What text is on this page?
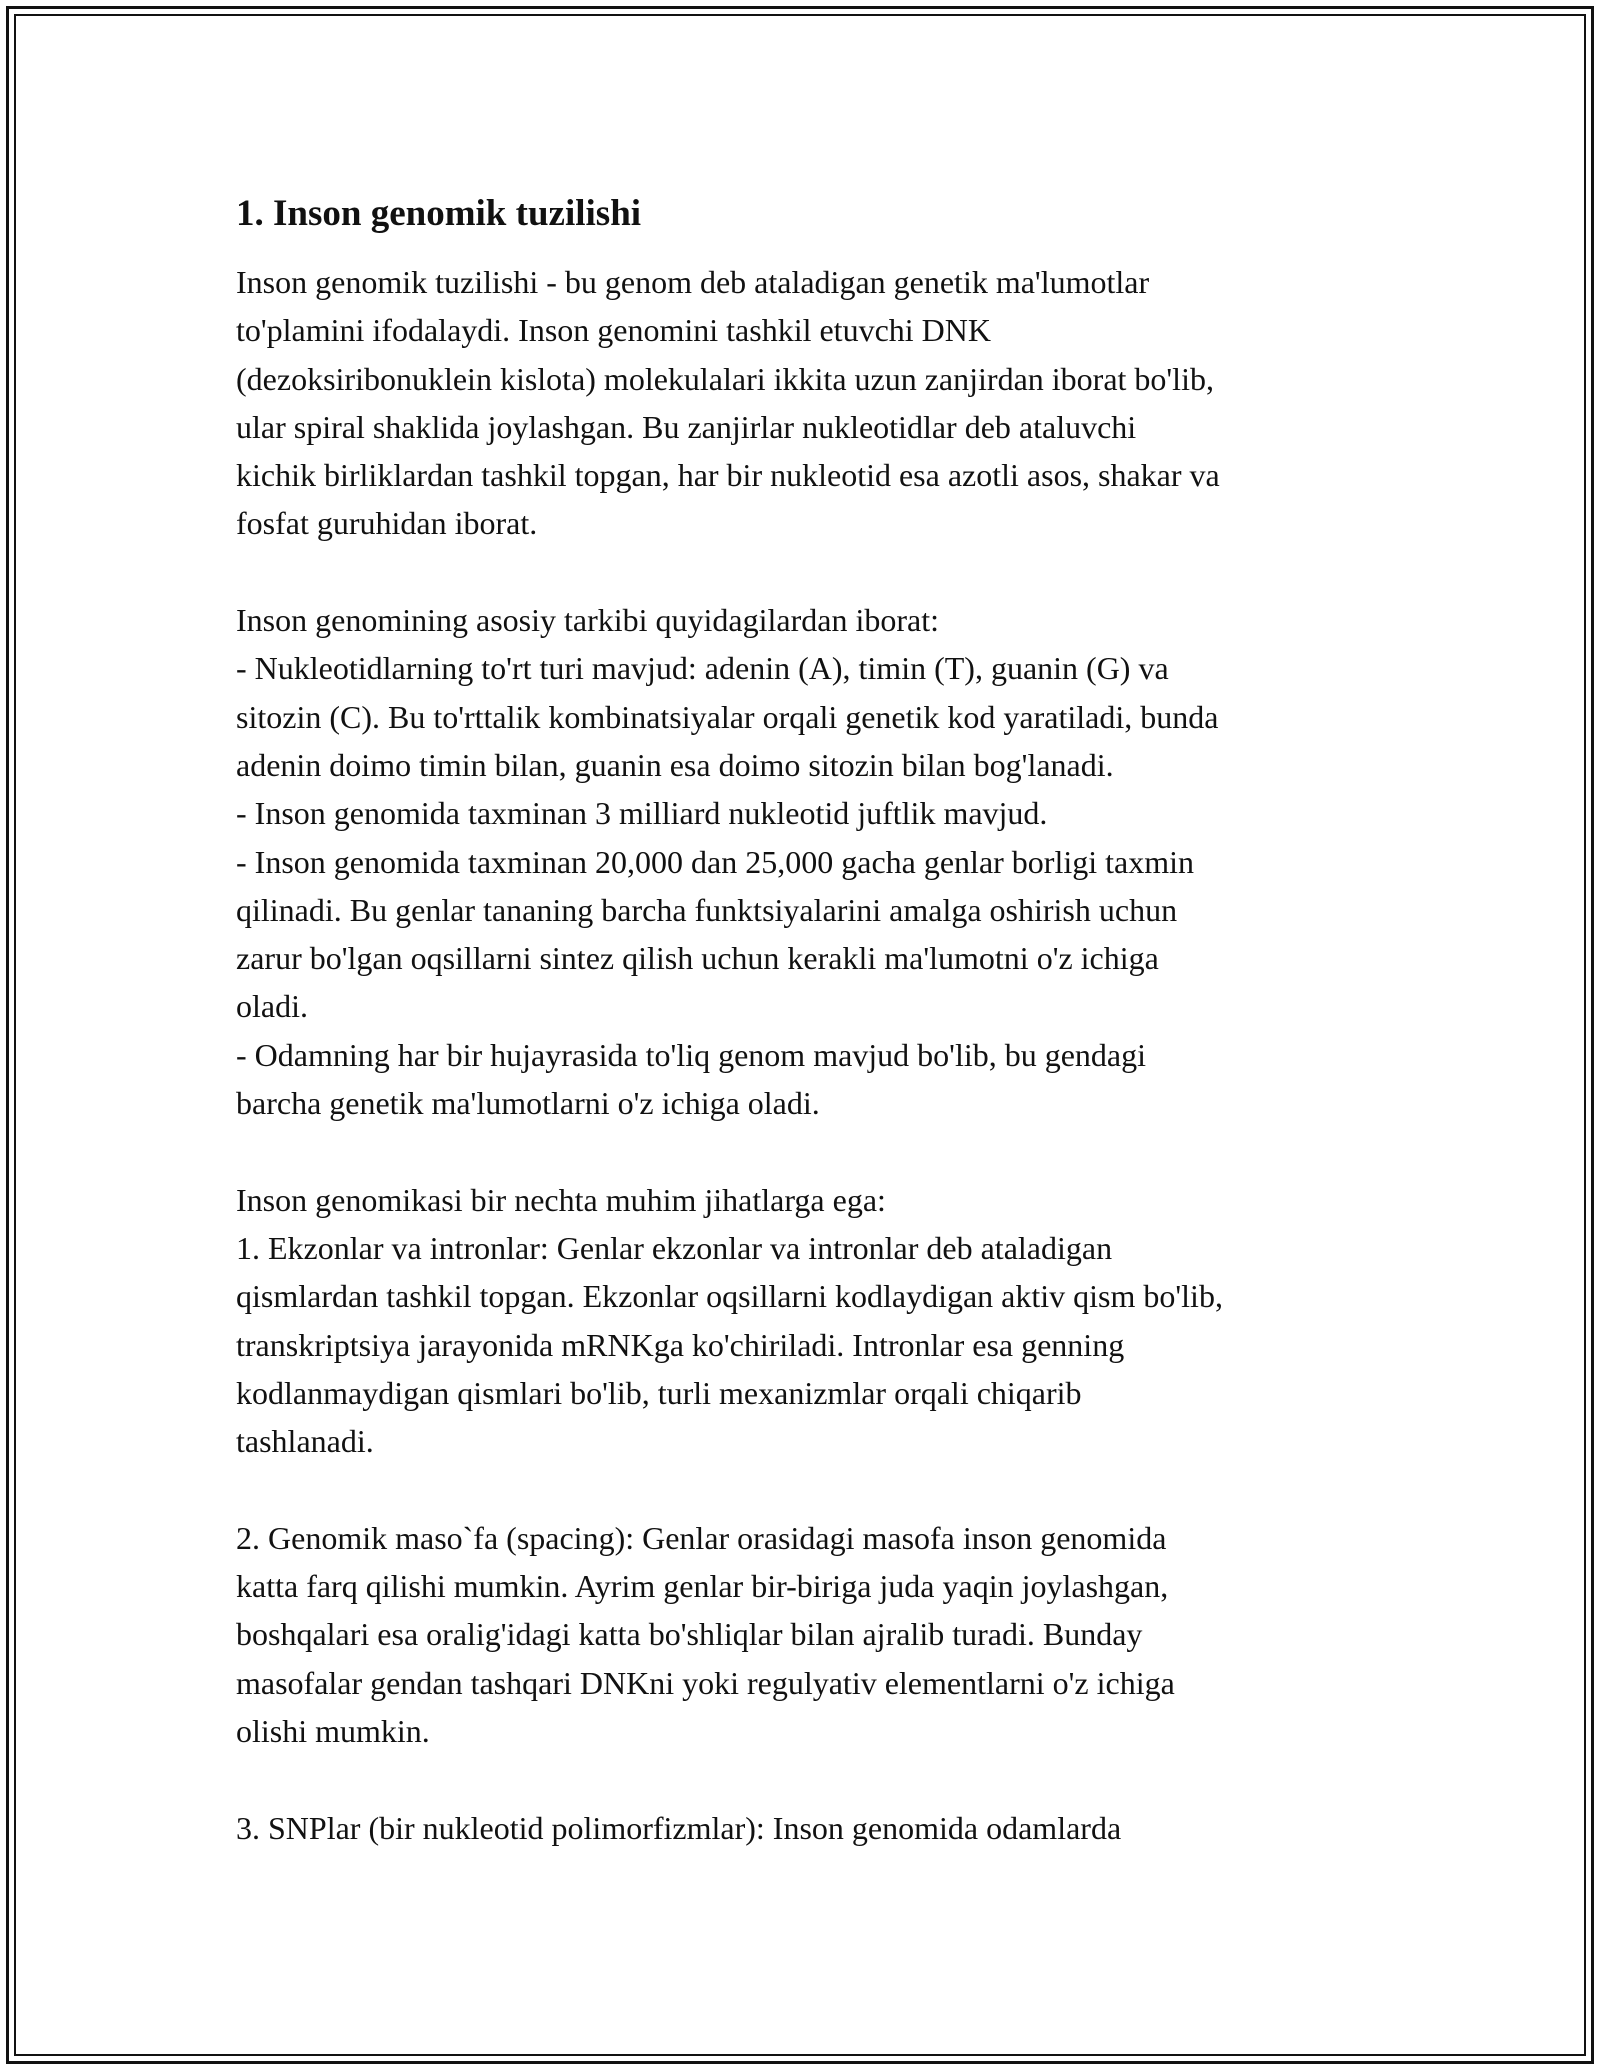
1. Inson genomik tuzilishi
Inson genomik tuzilishi - bu genom deb ataladigan genetik ma'lumotlar
to'plamini ifodalaydi. Inson genomini tashkil etuvchi DNK
(dezoksiribonuklein kislota) molekulalari ikkita uzun zanjirdan iborat bo'lib,
ular spiral shaklida joylashgan. Bu zanjirlar nukleotidlar deb ataluvchi
kichik birliklardan tashkil topgan, har bir nukleotid esa azotli asos, shakar va
fosfat guruhidan iborat.
Inson genomining asosiy tarkibi quyidagilardan iborat:
- Nukleotidlarning to'rt turi mavjud: adenin (A), timin (T), guanin (G) va
sitozin (C). Bu to'rttalik kombinatsiyalar orqali genetik kod yaratiladi, bunda
adenin doimo timin bilan, guanin esa doimo sitozin bilan bog'lanadi.
- Inson genomida taxminan 3 milliard nukleotid juftlik mavjud.
- Inson genomida taxminan 20,000 dan 25,000 gacha genlar borligi taxmin
qilinadi. Bu genlar tananing barcha funktsiyalarini amalga oshirish uchun
zarur bo'lgan oqsillarni sintez qilish uchun kerakli ma'lumotni o'z ichiga
oladi.
- Odamning har bir hujayrasida to'liq genom mavjud bo'lib, bu gendagi
barcha genetik ma'lumotlarni o'z ichiga oladi.
Inson genomikasi bir nechta muhim jihatlarga ega:
1. Ekzonlar va intronlar: Genlar ekzonlar va intronlar deb ataladigan
qismlardan tashkil topgan. Ekzonlar oqsillarni kodlaydigan aktiv qism bo'lib,
transkriptsiya jarayonida mRNKga ko'chiriladi. Intronlar esa genning
kodlanmaydigan qismlari bo'lib, turli mexanizmlar orqali chiqarib
tashlanadi.
2. Genomik maso`fa (spacing): Genlar orasidagi masofa inson genomida
katta farq qilishi mumkin. Ayrim genlar bir-biriga juda yaqin joylashgan,
boshqalari esa oralig'idagi katta bo'shliqlar bilan ajralib turadi. Bunday
masofalar gendan tashqari DNKni yoki regulyativ elementlarni o'z ichiga
olishi mumkin.
3. SNPlar (bir nukleotid polimorfizmlar): Inson genomida odamlarda
